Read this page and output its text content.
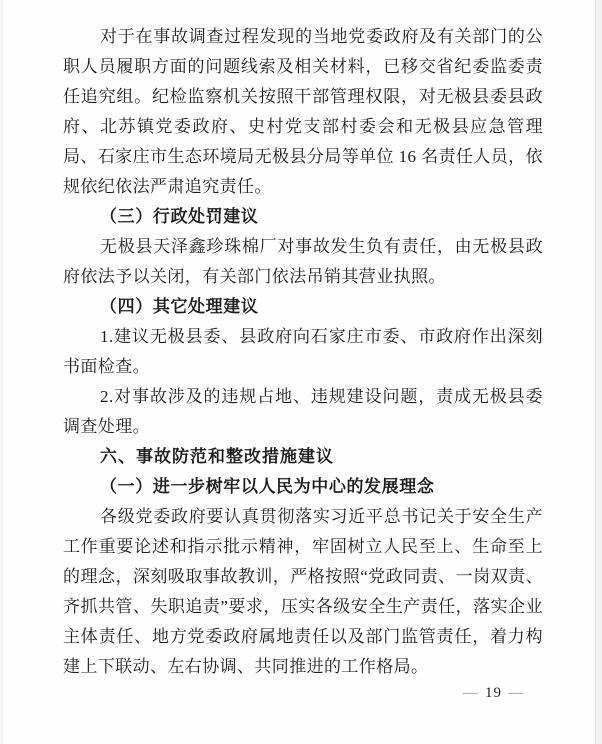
对于在事故调查过程发现的当地党委政府及有关部门的公职人员履职方面的问题线索及相关材料，已移交省纪委监委责任追究组。纪检监察机关按照干部管理权限，对无极县委县政府、北苏镇党委政府、史村党支部村委会和无极县应急管理局、石家庄市生态环境局无极县分局等单位 16 名责任人员，依规依纪依法严肃追究责任。

（三）行政处罚建议

无极县天泽鑫珍珠棉厂对事故发生负有责任，由无极县政府依法予以关闭，有关部门依法吊销其营业执照。

（四）其它处理建议

1.建议无极县委、县政府向石家庄市委、市政府作出深刻书面检查。

2.对事故涉及的违规占地、违规建设问题，责成无极县委调查处理。

六、事故防范和整改措施建议

（一）进一步树牢以人民为中心的发展理念

各级党委政府要认真贯彻落实习近平总书记关于安全生产工作重要论述和指示批示精神，牢固树立人民至上、生命至上的理念，深刻吸取事故教训，严格按照“党政同责、一岗双责、齐抓共管、失职追责”要求，压实各级安全生产责任，落实企业主体责任、地方党委政府属地责任以及部门监管责任，着力构建上下联动、左右协调、共同推进的工作格局。

— 19 —
